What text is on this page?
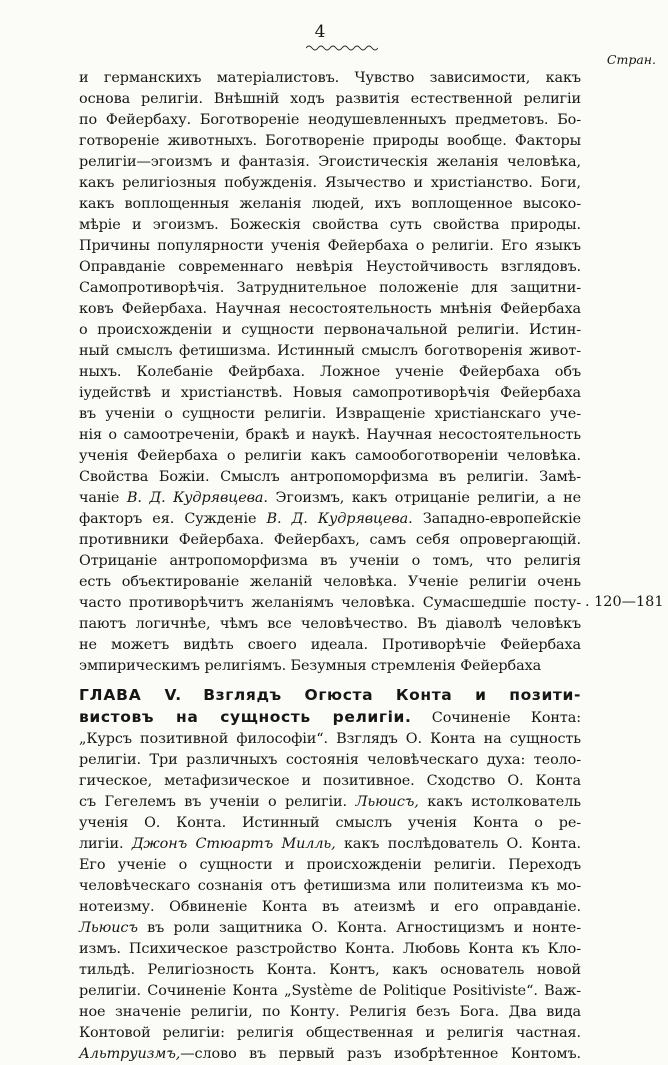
4
Стран.
и германскихъ матеріалистовъ. Чувство зависимости, какъ
основа религіи. Внѣшній ходъ развитія естественной религіи
по Фейербаху. Боготвореніе неодушевленныхъ предметовъ. Бо-
готвореніе животныхъ. Боготвореніе природы вообще. Факторы
религіи—эгоизмъ и фантазія. Эгоистическія желанія человѣка,
какъ религіозныя побужденія. Язычество и христіанство. Боги,
какъ воплощенныя желанія людей, ихъ воплощенное высоко-
мѣріе и эгоизмъ. Божескія свойства суть свойства природы.
Причины популярности ученія Фейербаха о религіи. Его языкъ
Оправданіе современнаго невѣрія Неустойчивость взглядовъ.
Самопротиворѣчія. Затруднительное положеніе для защитни-
ковъ Фейербаха. Научная несостоятельность мнѣнія Фейербаха
о происхожденіи и сущности первоначальной религіи. Истин-
ный смыслъ фетишизма. Истинный смыслъ боготворенія живот-
ныхъ. Колебаніе Фейрбаха. Ложное ученіе Фейербаха объ
іудействѣ и христіанствѣ. Новыя самопротиворѣчія Фейербаха
въ ученіи о сущности религіи. Извращеніе христіанскаго уче-
нія о самоотреченіи, бракѣ и наукѣ. Научная несостоятельность
ученія Фейербаха о религіи какъ самообоготвореніи человѣка.
Свойства Божіи. Смыслъ антропоморфизма въ религіи. Замѣ-
чаніе В. Д. Кудрявцева. Эгоизмъ, какъ отрицаніе религіи, а не
факторъ ея. Сужденіе В. Д. Кудрявцева. Западно-европейскіе
противники Фейербаха. Фейербахъ, самъ себя опровергающій.
Отрицаніе антропоморфизма въ ученіи о томъ, что религія
есть объектированіе желаній человѣка. Ученіе религіи очень
часто противорѣчитъ желаніямъ человѣка. Сумасшедшіе посту-
паютъ логичнѣе, чѣмъ все человѣчество. Въ діаволѣ человѣкъ
не можетъ видѣть своего идеала. Противорѣчіе Фейербаха
эмпирическимъ религіямъ. Безумныя стремленія Фейербаха
ГЛАВА V. Взглядъ Огюста Конта и позити-
вистовъ на сущность религіи. Сочиненіе Конта:
„Курсъ позитивной философіи“. Взглядъ О. Конта на сущность
религіи. Три различныхъ состоянія человѣческаго духа: теоло-
гическое, метафизическое и позитивное. Сходство О. Конта
съ Гегелемъ въ ученіи о религіи. Льюисъ, какъ истолкователь
ученія О. Конта. Истинный смыслъ ученія Конта о ре-
лигіи. Джонъ Стюартъ Милль, какъ послѣдователь О. Конта.
Его ученіе о сущности и происхожденіи религіи. Переходъ
человѣческаго сознанія отъ фетишизма или политеизма къ мо-
нотеизму. Обвиненіе Конта въ атеизмѣ и его оправданіе.
Льюисъ въ роли защитника О. Конта. Агностицизмъ и нонте-
измъ. Психическое разстройство Конта. Любовь Конта къ Кло-
тильдѣ. Религіозность Конта. Контъ, какъ основатель новой
религіи. Сочиненіе Конта „Système de Politique Positiviste“. Важ-
ное значеніе религіи, по Конту. Религія безъ Бога. Два вида
Контовой религіи: религія общественная и религія частная.
Альтруизмъ,—слово въ первый разъ изобрѣтенное Контомъ.
. 120—181
